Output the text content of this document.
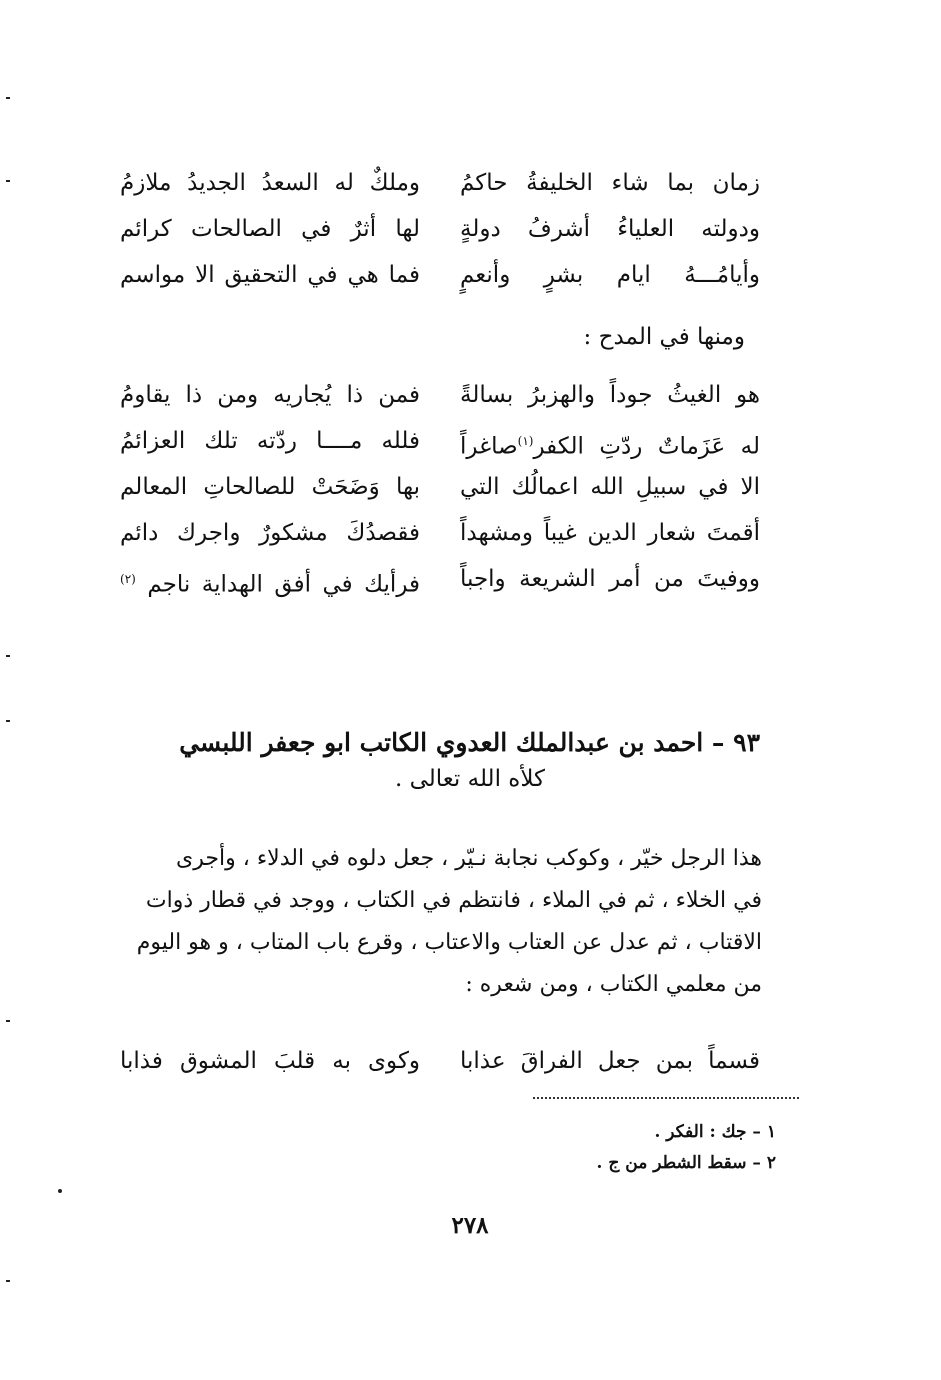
زمان بما شاء الخليفةُ حاكمُ
وملكٌ له السعدُ الجديدُ ملازمُ
ودولته العلياءُ أشرفُ دولةٍ
لها أثرٌ في الصالحات كرائم
وأيامُـــهُ ايام بشرٍ وأنعمٍ
فما هي في التحقيق الا مواسم
ومنها في المدح :
هو الغيثُ جوداً والهزبرُ بسالةً
فمن ذا يُجاريه ومن ذا يقاومُ
له عَزَماتٌ ردّتِ الكفر$^{(١)}$صاغراً
فلله مــــا ردّته تلك العزائمُ
الا في سبيلِ الله اعمالُك التي
بها وَضَحَتْ للصالحاتِ المعالم
أقمتَ شعار الدين غيباً ومشهداً
فقصدُكَ مشكورٌ واجرك دائم
ووفيتَ من أمر الشريعة واجباً
فرأيك في أفق الهداية ناجم $^{(٢)}$
٩٣ – احمد بن عبدالملك العدوي الكاتب ابو جعفر اللبسي
كلأه الله تعالى .
هذا الرجل خيّر ، وكوكب نجابة نـيّر ، جعل دلوه في الدلاء ، وأجرى
في الخلاء ، ثم في الملاء ، فانتظم في الكتاب ، ووجد في قطار ذوات
الاقتاب ، ثم عدل عن العتاب والاعتاب ، وقرع باب المتاب ، و هو اليوم
من معلمي الكتاب ، ومن شعره :
قسماً بمن جعل الفراقَ عذابا
وكوى به قلبَ المشوق فذابا
١ – جك : الفكر .
٢ – سقط الشطر من ج .
٢٧٨
